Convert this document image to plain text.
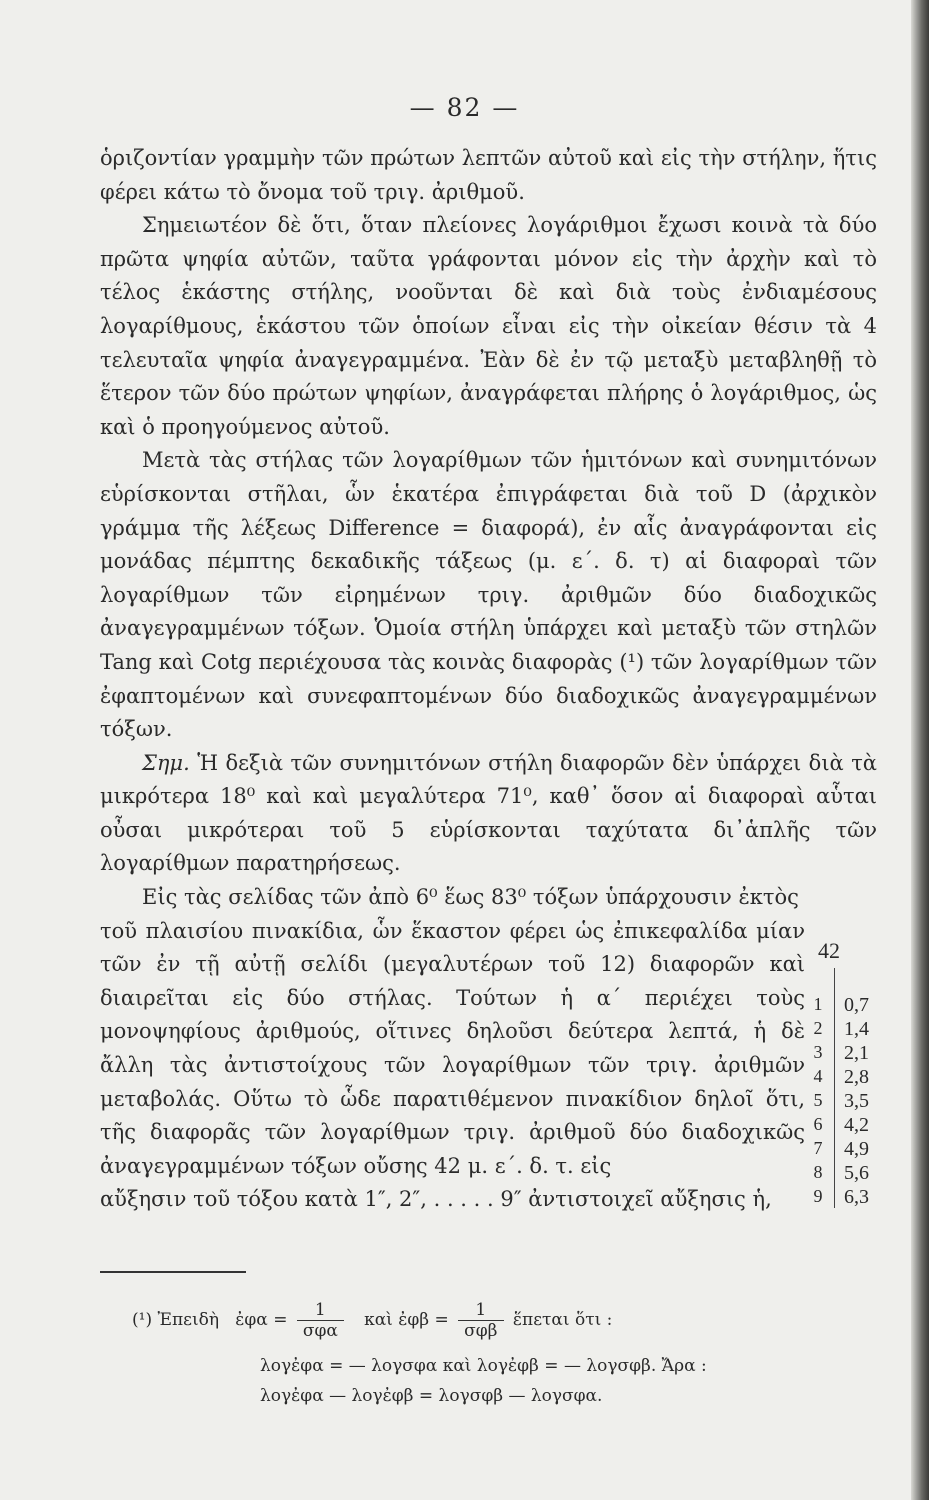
— 82 —

ὁριζοντίαν γραμμὴν τῶν πρώτων λεπτῶν αὐτοῦ καὶ εἰς τὴν στήλην, ἥτις φέρει κάτω τὸ ὄνομα τοῦ τριγ. ἀριθμοῦ.

Σημειωτέον δὲ ὅτι, ὅταν πλείονες λογάριθμοι ἔχωσι κοινὰ τὰ δύο πρῶτα ψηφία αὐτῶν, ταῦτα γράφονται μόνον εἰς τὴν ἀρχὴν καὶ τὸ τέλος ἑκάστης στήλης, νοοῦνται δὲ καὶ διὰ τοὺς ἐνδιαμέσους λογαρίθμους, ἑκάστου τῶν ὁποίων εἶναι εἰς τὴν οἰκείαν θέσιν τὰ 4 τελευταῖα ψηφία ἀναγεγραμμένα. Ἐὰν δὲ ἐν τῷ μεταξὺ μεταβληθῇ τὸ ἕτερον τῶν δύο πρώτων ψηφίων, ἀναγράφεται πλήρης ὁ λογάριθμος, ὡς καὶ ὁ προηγούμενος αὐτοῦ.

Μετὰ τὰς στήλας τῶν λογαρίθμων τῶν ἡμιτόνων καὶ συνημιτόνων εὑρίσκονται στῆλαι, ὧν ἑκατέρα ἐπιγράφεται διὰ τοῦ D (ἀρχικὸν γράμμα τῆς λέξεως Difference = διαφορά), ἐν αἷς ἀναγράφονται εἰς μονάδας πέμπτης δεκαδικῆς τάξεως (μ. ε΄. δ. τ) αἱ διαφοραὶ τῶν λογαρίθμων τῶν εἰρημένων τριγ. ἀριθμῶν δύο διαδοχικῶς ἀναγεγραμμένων τόξων. Ὁμοία στήλη ὑπάρχει καὶ μεταξὺ τῶν στηλῶν Tang καὶ Cotg περιέχουσα τὰς κοινὰς διαφορὰς (¹) τῶν λογαρίθμων τῶν ἐφαπτομένων καὶ συνεφαπτομένων δύο διαδοχικῶς ἀναγεγραμμένων τόξων.

Σημ. Ἡ δεξιὰ τῶν συνημιτόνων στήλη διαφορῶν δὲν ὑπάρχει διὰ τὰ μικρότερα 18⁰ καὶ καὶ μεγαλύτερα 71⁰, καθ᾽ ὅσον αἱ διαφοραὶ αὗται οὖσαι μικρότεραι τοῦ 5 εὑρίσκονται ταχύτατα δι᾽ἁπλῆς τῶν λογαρίθμων παρατηρήσεως.

Εἰς τὰς σελίδας τῶν ἀπὸ 6⁰ ἕως 83⁰ τόξων ὑπάρχουσιν ἐκτὸς

τοῦ πλαισίου πινακίδια, ὧν ἕκαστον φέρει ὡς ἐπικεφαλίδα μίαν τῶν ἐν τῇ αὐτῇ σελίδι (μεγαλυτέρων τοῦ 12) διαφορῶν καὶ διαιρεῖται εἰς δύο στήλας. Τούτων ἡ α΄ περιέχει τοὺς μονοψηφίους ἀριθμούς, οἵτινες δηλοῦσι δεύτερα λεπτά, ἡ δὲ ἄλλη τὰς ἀντιστοίχους τῶν λογαρίθμων τῶν τριγ. ἀριθμῶν μεταβολάς. Οὕτω τὸ ὧδε παρατιθέμενον πινακίδιον δηλοῖ ὅτι, τῆς διαφορᾶς τῶν λογαρίθμων τριγ. ἀριθμοῦ δύο διαδοχικῶς ἀναγεγραμμένων τόξων οὔσης 42 μ. ε΄. δ. τ. εἰς

αὔξησιν τοῦ τόξου κατὰ 1″, 2″, . . . . . 9″ ἀντιστοιχεῖ αὔξησις ἡ,

42
1 0,7
2 1,4
3 2,1
4 2,8
5 3,5
6 4,2
7 4,9
8 5,6
9 6,3
(¹) Ἐπειδὴ ἐφα = $\frac{1}{\text{σφα}}$ καὶ ἐφβ = $\frac{1}{\text{σφβ}}$ ἕπεται ὅτι :
λογἐφα = — λογσφα καὶ λογἐφβ = — λογσφβ. Ἄρα :
λογἐφα — λογἐφβ = λογσφβ — λογσφα.
